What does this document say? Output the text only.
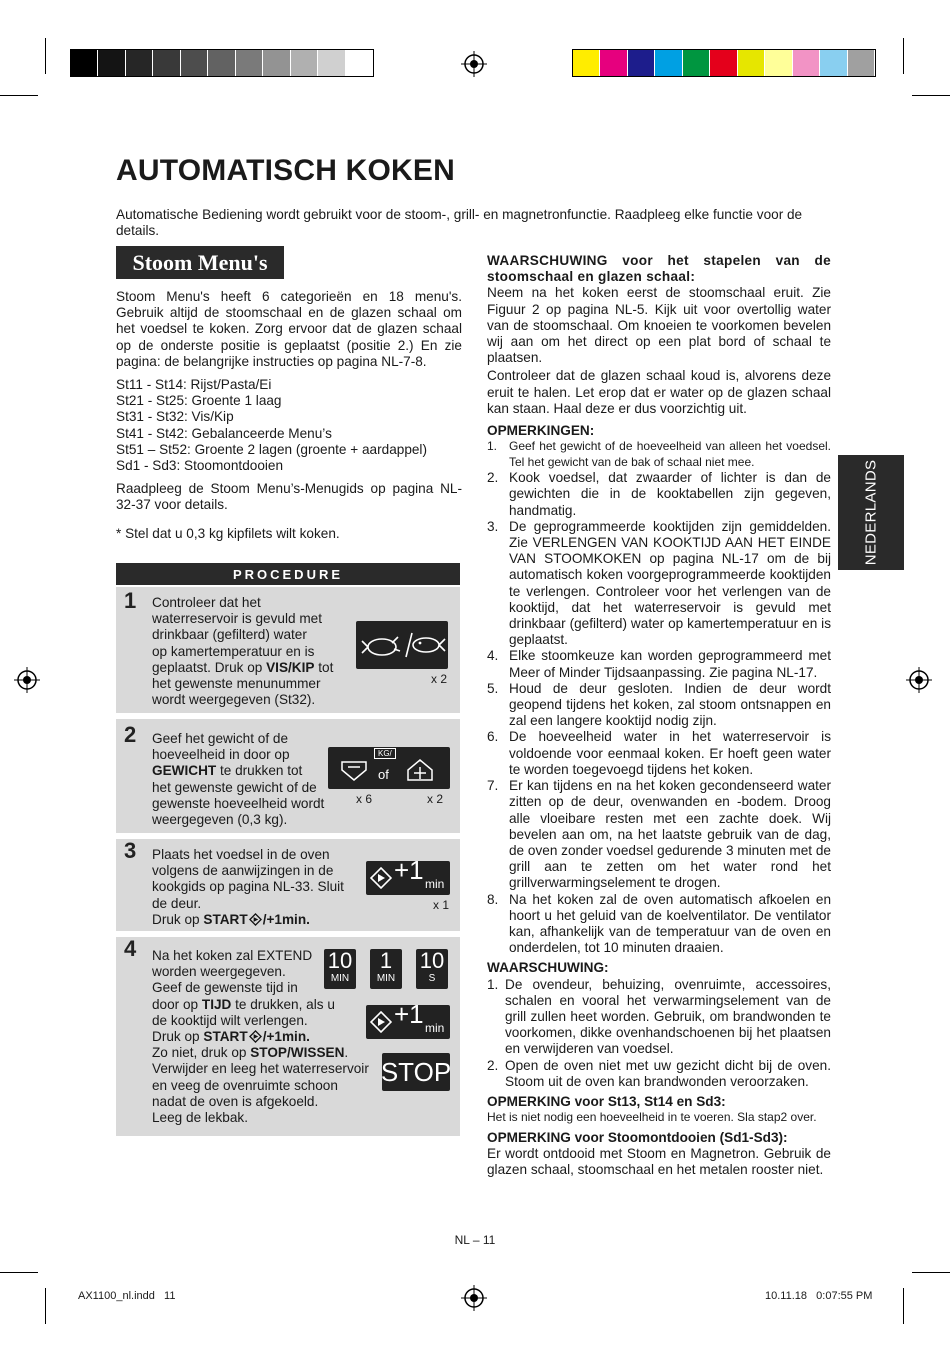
AUTOMATISCH KOKEN

Automatische Bediening wordt gebruikt voor de stoom-, grill- en magnetronfunctie. Raadpleeg elke functie voor de details.

Stoom Menu's

Stoom Menu's heeft 6 categorieën en 18 menu's. Gebruik altijd de stoomschaal en de glazen schaal om het voedsel te koken. Zorg ervoor dat de glazen schaal op de onderste positie is geplaatst (positie 2.) En zie pagina: de belangrijke instructies op pagina NL-7-8.

St11 - St14: Rijst/Pasta/Ei
St21 - St25: Groente 1 laag
St31 - St32: Vis/Kip
St41 - St42: Gebalanceerde Menu’s
St51 – St52: Groente 2 lagen (groente + aardappel)
Sd1 - Sd3: Stoomontdooien

Raadpleeg de Stoom Menu’s-Menugids op pagina NL-32-37 voor details.

* Stel dat u 0,3 kg kipfilets wilt koken.

PROCEDURE
1 Controleer dat het
waterreservoir is gevuld met
drinkbaar (gefilterd) water
op kamertemperatuur en is
geplaatst. Druk op VIS/KIP tot
het gewenste menunummer
wordt weergegeven (St32).
x 2
2 Geef het gewicht of de
hoeveelheid in door op
GEWICHT te drukken tot
het gewenste gewicht of de
gewenste hoeveelheid wordt
weergegeven (0,3 kg).
KG/
of
x 6	x 2
3 Plaats het voedsel in de oven
volgens de aanwijzingen in de
kookgids op pagina NL-33. Sluit
de deur.
Druk op START /+1min.
+1 min
x 1
4 Na het koken zal EXTEND
worden weergegeven.
Geef de gewenste tijd in
door op TIJD te drukken, als u
de kooktijd wilt verlengen.
Druk op START /+1min.
Zo niet, druk op STOP/WISSEN.
Verwijder en leeg het waterreservoir
en veeg de ovenruimte schoon
nadat de oven is afgekoeld.
Leeg de lekbak.
10
MIN
1
MIN
10
S
+1 min
STOP

WAARSCHUWING voor het stapelen van de stoomschaal en glazen schaal:

Neem na het koken eerst de stoomschaal eruit. Zie Figuur 2 op pagina NL-5. Kijk uit voor overtollig water van de stoomschaal. Om knoeien te voorkomen bevelen wij aan om het direct op een plat bord of schaal te plaatsen.

Controleer dat de glazen schaal koud is, alvorens deze eruit te halen. Let erop dat er water op de glazen schaal kan staan. Haal deze er dus voorzichtig uit.

OPMERKINGEN:

1. Geef het gewicht of de hoeveelheid van alleen het voedsel. Tel het gewicht van de bak of schaal niet mee.
2. Kook voedsel, dat zwaarder of lichter is dan de gewichten die in de kooktabellen zijn gegeven, handmatig.
3. De geprogrammeerde kooktijden zijn gemiddelden. Zie VERLENGEN VAN KOOKTIJD AAN HET EINDE VAN STOOMKOKEN op pagina NL-17 om de bij automatisch koken voorgeprogrammeerde kooktijden te verlengen. Controleer voor het verlengen van de kooktijd, dat het waterreservoir is gevuld met drinkbaar (gefilterd) water op kamertemperatuur en is geplaatst.
4. Elke stoomkeuze kan worden geprogrammeerd met Meer of Minder Tijdsaanpassing. Zie pagina NL-17.
5. Houd de deur gesloten. Indien de deur wordt geopend tijdens het koken, zal stoom ontsnappen en zal een langere kooktijd nodig zijn.
6. De hoeveelheid water in het waterreservoir is voldoende voor eenmaal koken. Er hoeft geen water te worden toegevoegd tijdens het koken.
7. Er kan tijdens en na het koken gecondenseerd water zitten op de deur, ovenwanden en -bodem. Droog alle vloeibare resten met een zachte doek. Wij bevelen aan om, na het laatste gebruik van de dag, de oven zonder voedsel gedurende 3 minuten met de grill aan te zetten om het water rond het grillverwarmingselement te drogen.
8. Na het koken zal de oven automatisch afkoelen en hoort u het geluid van de koelventilator. De ventilator kan, afhankelijk van de temperatuur van de oven en onderdelen, tot 10 minuten draaien.

WAARSCHUWING:

1. De ovendeur, behuizing, ovenruimte, accessoires, schalen en vooral het verwarmingselement van de grill zullen heet worden. Gebruik, om brandwonden te voorkomen, dikke ovenhandschoenen bij het plaatsen en verwijderen van voedsel.
2. Open de oven niet met uw gezicht dicht bij de oven. Stoom uit de oven kan brandwonden veroorzaken.

OPMERKING voor St13, St14 en Sd3:

Het is niet nodig een hoeveelheid in te voeren. Sla stap2 over.

OPMERKING voor Stoomontdooien (Sd1-Sd3):

Er wordt ontdooid met Stoom en Magnetron. Gebruik de glazen schaal, stoomschaal en het metalen rooster niet.

NEDERLANDS
NL – 11
AX1100_nl.indd   11	10.11.18   0:07:55 PM
